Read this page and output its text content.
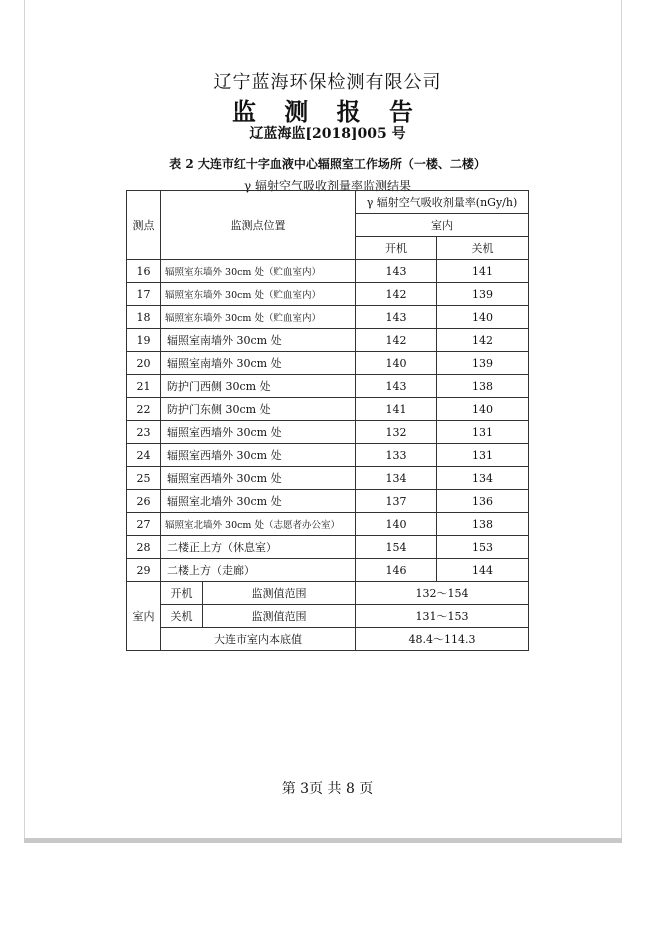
辽宁蓝海环保检测有限公司
监 测 报 告
辽蓝海监[2018]005 号
表 2 大连市红十字血液中心辐照室工作场所（一楼、二楼）
γ 辐射空气吸收剂量率监测结果
测点	监测点位置		γ 辐射空气吸收剂量率(nGy/h)	
			室内	
			开机	关机
16	辐照室东墙外 30cm 处（贮血室内）		143	141
17	辐照室东墙外 30cm 处（贮血室内）		142	139
18	辐照室东墙外 30cm 处（贮血室内）		143	140
19	辐照室南墙外 30cm 处		142	142
20	辐照室南墙外 30cm 处		140	139
21	防护门西侧 30cm 处		143	138
22	防护门东侧 30cm 处		141	140
23	辐照室西墙外 30cm 处		132	131
24	辐照室西墙外 30cm 处		133	131
25	辐照室西墙外 30cm 处		134	134
26	辐照室北墙外 30cm 处		137	136
27	辐照室北墙外 30cm 处（志愿者办公室）		140	138
28	二楼正上方（休息室）		154	153
29	二楼上方（走廊）		146	144
室内	开机	监测值范围	132～154	
	关机	监测值范围	131～153	
	大连市室内本底值		48.4～114.3	
第 3页 共 8 页
